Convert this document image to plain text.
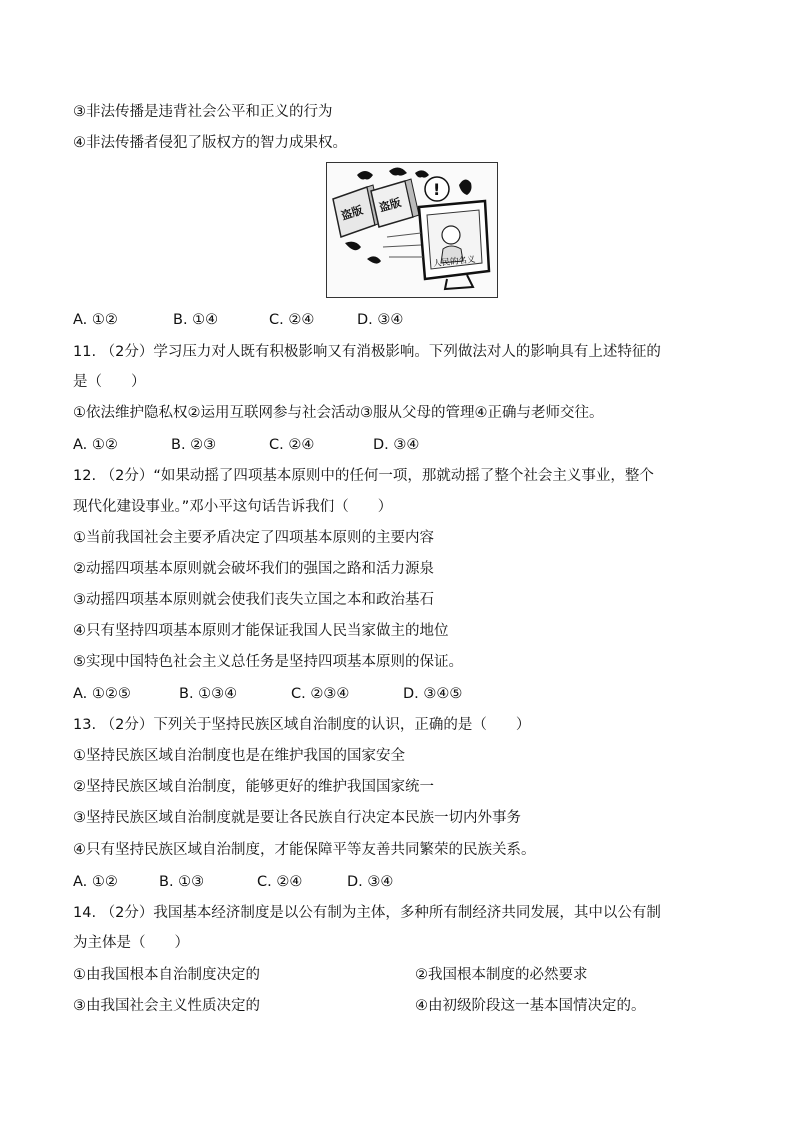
③非法传播是违背社会公平和正义的行为
④非法传播者侵犯了版权方的智力成果权。
盗版 盗版
!
人民的名义
A. ①②	B. ①④	C. ②④	D. ③④
11. （2分）学习压力对人既有积极影响又有消极影响。下列做法对人的影响具有上述特征的
是（　　）
①依法维护隐私权②运用互联网参与社会活动③服从父母的管理④正确与老师交往。
A. ①②	B. ②③	C. ②④	D. ③④
12. （2分）“如果动摇了四项基本原则中的任何一项，那就动摇了整个社会主义事业，整个
现代化建设事业。”邓小平这句话告诉我们（　　）
①当前我国社会主要矛盾决定了四项基本原则的主要内容
②动摇四项基本原则就会破坏我们的强国之路和活力源泉
③动摇四项基本原则就会使我们丧失立国之本和政治基石
④只有坚持四项基本原则才能保证我国人民当家做主的地位
⑤实现中国特色社会主义总任务是坚持四项基本原则的保证。
A. ①②⑤	B. ①③④	C. ②③④	D. ③④⑤
13. （2分）下列关于坚持民族区域自治制度的认识，正确的是（　　）
①坚持民族区域自治制度也是在维护我国的国家安全
②坚持民族区域自治制度，能够更好的维护我国国家统一
③坚持民族区域自治制度就是要让各民族自行决定本民族一切内外事务
④只有坚持民族区域自治制度，才能保障平等友善共同繁荣的民族关系。
A. ①②	B. ①③	C. ②④	D. ③④
14. （2分）我国基本经济制度是以公有制为主体，多种所有制经济共同发展，其中以公有制
为主体是（　　）
①由我国根本自治制度决定的	②我国根本制度的必然要求
③由我国社会主义性质决定的	④由初级阶段这一基本国情决定的。
